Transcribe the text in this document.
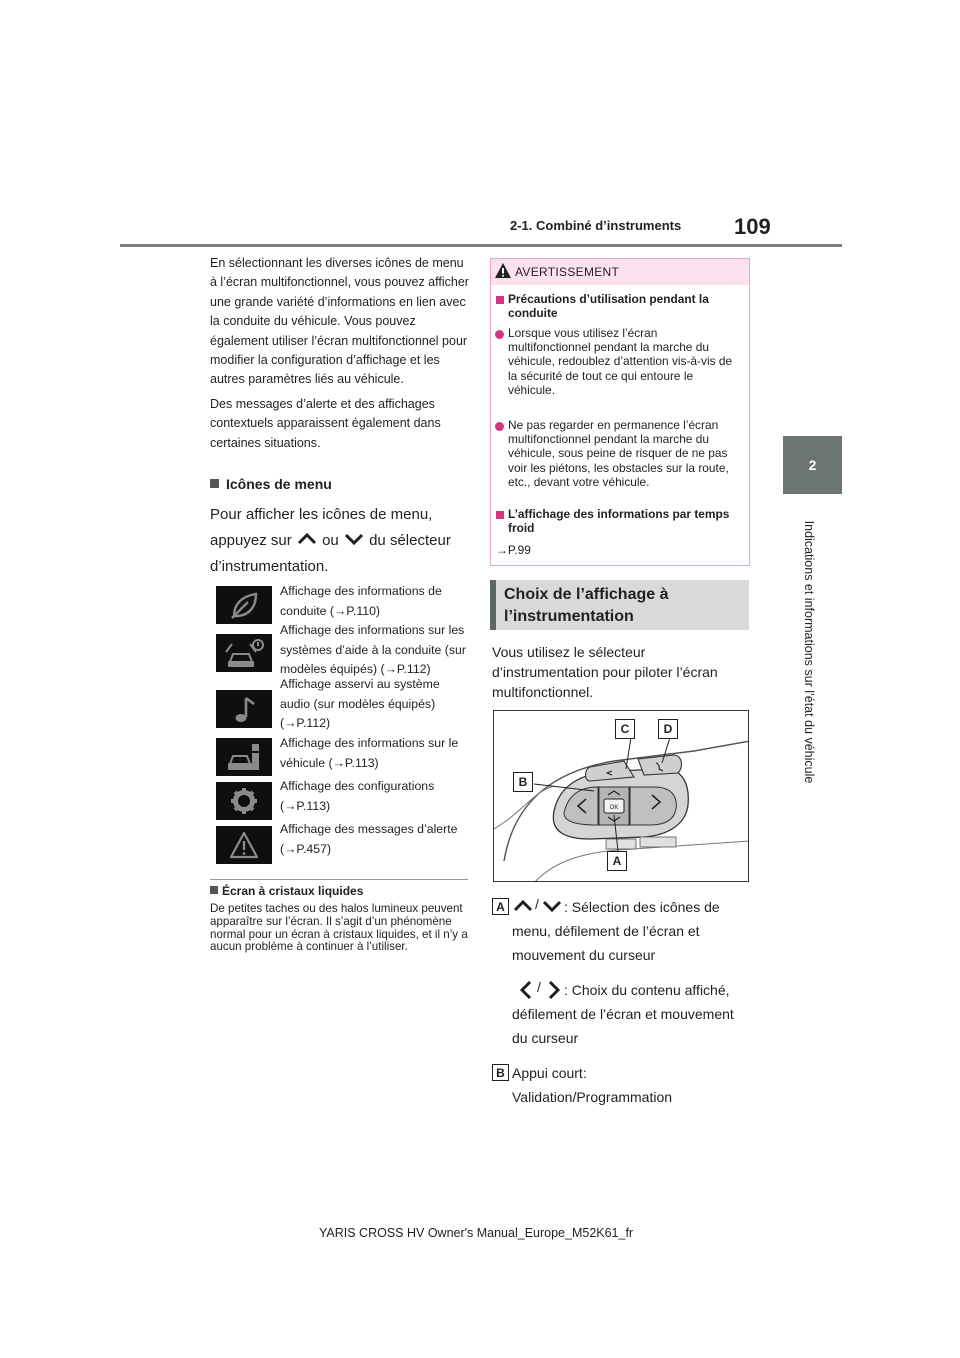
2-1. Combiné d’instruments 109
2
Indications et informations sur l’état du véhicule

En sélectionnant les diverses icônes de menu à l’écran multifonctionnel, vous pouvez afficher une grande variété d’informations en lien avec la conduite du véhicule. Vous pouvez également utiliser l’écran multifonctionnel pour modifier la configuration d’affichage et les autres paramètres liés au véhicule.

Des messages d’alerte et des affichages contextuels apparaissent également dans certaines situations.

Icônes de menu

Pour afficher les icônes de menu, appuyez sur ou du sélecteur d’instrumentation.

Affichage des informations de conduite (→P.110)
Affichage des informations sur les systèmes d’aide à la conduite (sur modèles équipés) (→P.112)
Affichage asservi au système audio (sur modèles équipés) (→P.112)
Affichage des informations sur le véhicule (→P.113)
Affichage des configurations (→P.113)
Affichage des messages d’alerte (→P.457)
Écran à cristaux liquides
De petites taches ou des halos lumineux peuvent apparaître sur l’écran. Il s’agit d’un phénomène normal pour un écran à cristaux liquides, et il n’y a aucun problème à continuer à l’utiliser.
AVERTISSEMENT
Précautions d’utilisation pendant la conduite
Lorsque vous utilisez l’écran multifonctionnel pendant la marche du véhicule, redoublez d’attention vis-à-vis de la sécurité de tout ce qui entoure le véhicule.
Ne pas regarder en permanence l’écran multifonctionnel pendant la marche du véhicule, sous peine de risquer de ne pas voir les piétons, les obstacles sur la route, etc., devant votre véhicule.
L’affichage des informations par temps froid
→P.99
Choix de l’affichage à l’instrumentation
Vous utilisez le sélecteur d’instrumentation pour piloter l’écran multifonctionnel.
OK
C	D
B
A
A /	: Sélection des icônes de menu, défilement de l’écran et mouvement du curseur
/	: Choix du contenu affiché, défilement de l’écran et mouvement du curseur
B Appui court: Validation/Programmation
YARIS CROSS HV Owner's Manual_Europe_M52K61_fr
